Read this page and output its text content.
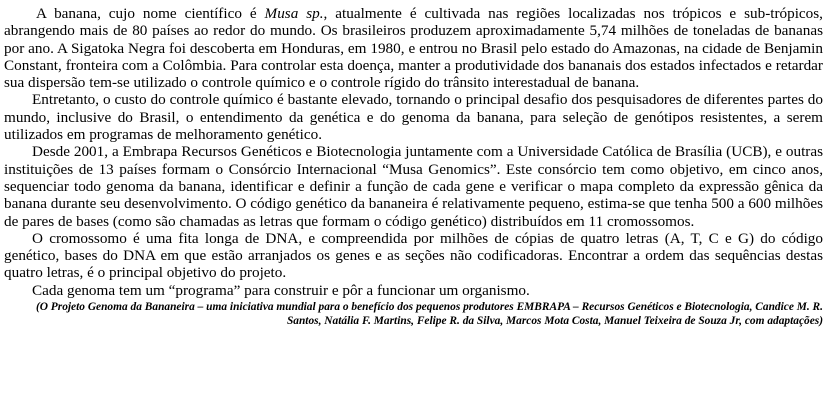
A banana, cujo nome científico é Musa sp., atualmente é cultivada nas regiões localizadas nos trópicos e sub-trópicos, abrangendo mais de 80 países ao redor do mundo. Os brasileiros produzem aproximadamente 5,74 milhões de toneladas de bananas por ano. A Sigatoka Negra foi descoberta em Honduras, em 1980, e entrou no Brasil pelo estado do Amazonas, na cidade de Benjamin Constant, fronteira com a Colômbia. Para controlar esta doença, manter a produtividade dos bananais dos estados infectados e retardar sua dispersão tem-se utilizado o controle químico e o controle rígido do trânsito interestadual de banana.

Entretanto, o custo do controle químico é bastante elevado, tornando o principal desafio dos pesquisadores de diferentes partes do mundo, inclusive do Brasil, o entendimento da genética e do genoma da banana, para seleção de genótipos resistentes, a serem utilizados em programas de melhoramento genético.

Desde 2001, a Embrapa Recursos Genéticos e Biotecnologia juntamente com a Universidade Católica de Brasília (UCB), e outras instituições de 13 países formam o Consórcio Internacional “Musa Genomics”. Este consórcio tem como objetivo, em cinco anos, sequenciar todo genoma da banana, identificar e definir a função de cada gene e verificar o mapa completo da expressão gênica da banana durante seu desenvolvimento. O código genético da bananeira é relativamente pequeno, estima-se que tenha 500 a 600 milhões de pares de bases (como são chamadas as letras que formam o código genético) distribuídos em 11 cromossomos.

O cromossomo é uma fita longa de DNA, e compreendida por milhões de cópias de quatro letras (A, T, C e G) do código genético, bases do DNA em que estão arranjados os genes e as seções não codificadoras. Encontrar a ordem das sequências destas quatro letras, é o principal objetivo do projeto.

Cada genoma tem um “programa” para construir e pôr a funcionar um organismo.

(O Projeto Genoma da Bananeira – uma iniciativa mundial para o benefício dos pequenos produtores EMBRAPA – Recursos Genéticos e Biotecnologia, Candice M. R. Santos, Natália F. Martins, Felipe R. da Silva, Marcos Mota Costa, Manuel Teixeira de Souza Jr, com adaptações)
